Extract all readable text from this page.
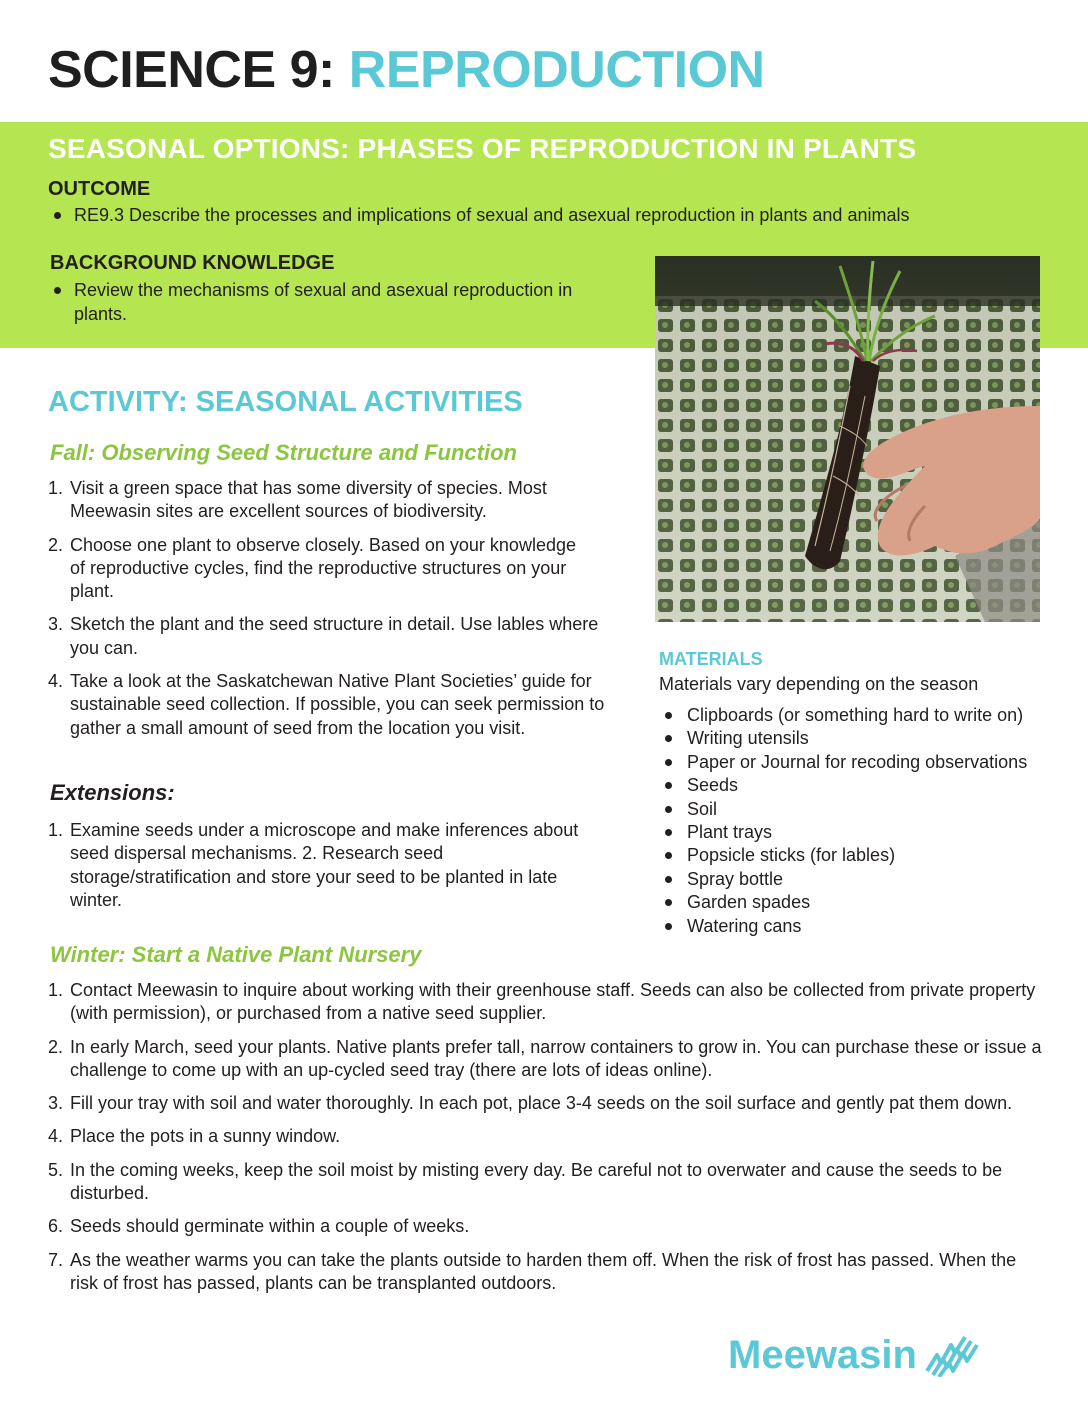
SCIENCE 9: REPRODUCTION
SEASONAL OPTIONS: PHASES OF REPRODUCTION IN PLANTS

OUTCOME

RE9.3 Describe the processes and implications of sexual and asexual reproduction in plants and animals

BACKGROUND KNOWLEDGE

Review the mechanisms of sexual and asexual reproduction in plants.
ACTIVITY: SEASONAL ACTIVITIES

Fall: Observing Seed Structure and Function

1. Visit a green space that has some diversity of species. Most Meewasin sites are excellent sources of biodiversity.
2. Choose one plant to observe closely. Based on your knowledge of reproductive cycles, find the reproductive structures on your plant.
3. Sketch the plant and the seed structure in detail. Use lables where you can.
4. Take a look at the Saskatchewan Native Plant Societies’ guide for sustainable seed collection. If possible, you can seek permission to gather a small amount of seed from the location you visit.

Extensions:

1. Examine seeds under a microscope and make inferences about seed dispersal mechanisms. 2. Research seed storage/stratification and store your seed to be planted in late winter.

MATERIALS

Materials vary depending on the season

Clipboards (or something hard to write on)
Writing utensils
Paper or Journal for recoding observations
Seeds
Soil
Plant trays
Popsicle sticks (for lables)
Spray bottle
Garden spades
Watering cans

Winter: Start a Native Plant Nursery

1. Contact Meewasin to inquire about working with their greenhouse staff. Seeds can also be collected from private property (with permission), or purchased from a native seed supplier.
2. In early March, seed your plants. Native plants prefer tall, narrow containers to grow in. You can purchase these or issue a challenge to come up with an up-cycled seed tray (there are lots of ideas online).
3. Fill your tray with soil and water thoroughly. In each pot, place 3-4 seeds on the soil surface and gently pat them down.
4. Place the pots in a sunny window.
5. In the coming weeks, keep the soil moist by misting every day. Be careful not to overwater and cause the seeds to be disturbed.
6. Seeds should germinate within a couple of weeks.
7. As the weather warms you can take the plants outside to harden them off. When the risk of frost has passed. When the risk of frost has passed, plants can be transplanted outdoors.
Meewasin
